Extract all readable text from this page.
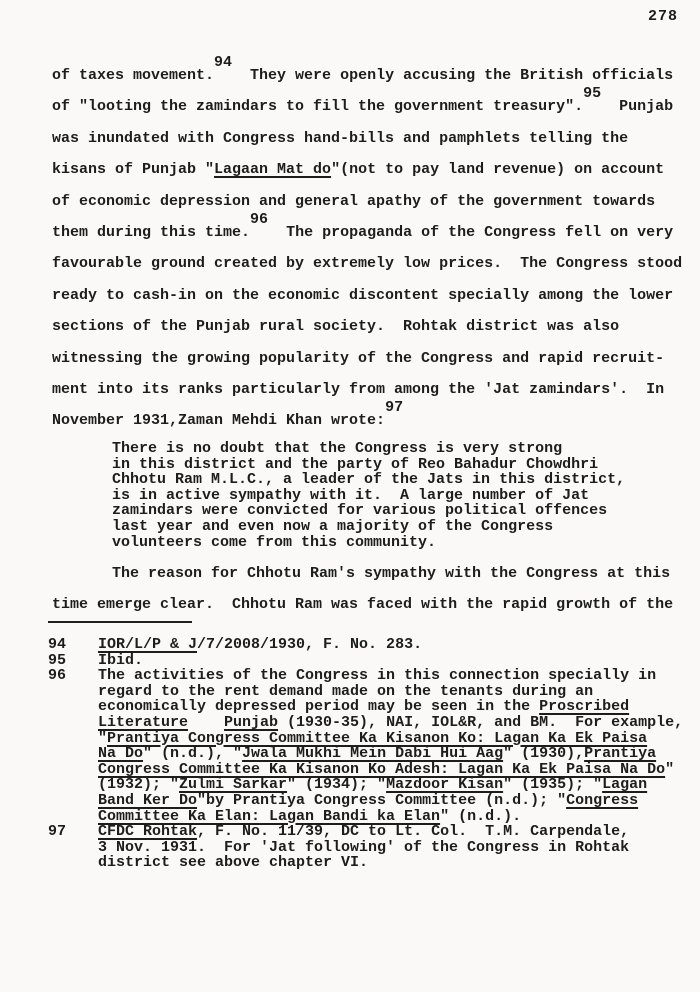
278
of taxes movement.94  They were openly accusing the British officials
of "looting the zamindars to fill the government treasury".95  Punjab
was inundated with Congress hand-bills and pamphlets telling the
kisans of Punjab "Lagaan Mat do"(not to pay land revenue) on account
of economic depression and general apathy of the government towards
them during this time.96  The propaganda of the Congress fell on very
favourable ground created by extremely low prices.  The Congress stood
ready to cash-in on the economic discontent specially among the lower
sections of the Punjab rural society.  Rohtak district was also
witnessing the growing popularity of the Congress and rapid recruit-
ment into its ranks particularly from among the 'Jat zamindars'.  In
November 1931,Zaman Mehdi Khan wrote:97
There is no doubt that the Congress is very strong
in this district and the party of Reo Bahadur Chowdhri
Chhotu Ram M.L.C., a leader of the Jats in this district,
is in active sympathy with it.  A large number of Jat
zamindars were convicted for various political offences
last year and even now a majority of the Congress
volunteers come from this community.
The reason for Chhotu Ram's sympathy with the Congress at this
time emerge clear.  Chhotu Ram was faced with the rapid growth of the
94	IOR/L/P & J/7/2008/1930, F. No. 283.
95	Ibid.
96	The activities of the Congress in this connection specially in
regard to the rent demand made on the tenants during an
economically depressed period may be seen in the Proscribed
Literature Punjab (1930-35), NAI, IOL&R, and BM.  For example,
"Prantiya Congress Committee Ka Kisanon Ko: Lagan Ka Ek Paisa
Na Do" (n.d.), "Jwala Mukhi Mein Dabi Hui Aag" (1930),Prantiya
Congress Committee Ka Kisanon Ko Adesh: Lagan Ka Ek Paisa Na Do"
(1932); "Zulmi Sarkar" (1934); "Mazdoor Kisan" (1935); "Lagan
Band Ker Do"by Prantiya Congress Committee (n.d.); "Congress
Committee Ka Elan: Lagan Bandi ka Elan" (n.d.).
97	CFDC Rohtak, F. No. 11/39, DC to Lt. Col.  T.M. Carpendale,
3 Nov. 1931.  For 'Jat following' of the Congress in Rohtak
district see above chapter VI.
